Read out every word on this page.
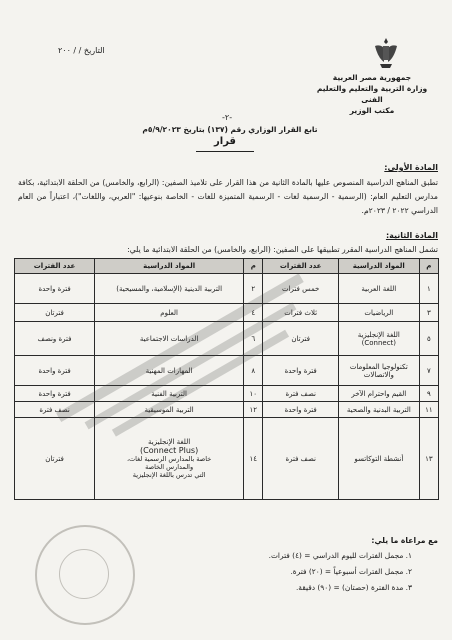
التاريخ / / ٢٠٠
جمهورية مصر العربية
وزارة التربية والتعليم والتعليم الفنى
مكتب الوزير
-٢-
تابع القرار الوزاري رقم (١٣٧) بتاريخ ٥/٩/٢٠٢٣م
قرار
المادة الأولى:
تطبق المناهج الدراسية المنصوص عليها بالمادة الثانية من هذا القرار على تلاميذ الصفين: (الرابع، والخامس) من الحلقة الابتدائية، بكافة مدارس التعليم العام: (الرسمية - الرسمية لغات - الرسمية المتميزة للغات - الخاصة بنوعيها: "العربي، واللغات")، اعتباراً من العام الدراسي ٢٠٢٢ / ٢٠٢٣م.
المادة الثانية:
تشمل المناهج الدراسية المقرر تطبيقها على الصفين: (الرابع، والخامس) من الحلقة الابتدائية ما يلي:
م	المواد الدراسية	عدد الفترات	م	المواد الدراسية	عدد الفترات
١	اللغة العربية	خمس فترات	٢	التربية الدينية (الإسلامية، والمسيحية)	فترة واحدة
٣	الرياضيات	ثلاث فترات	٤	العلوم	فترتان
٥	اللغة الإنجليزية (Connect)	فترتان	٦	الدراسات الاجتماعية	فترة ونصف
٧	تكنولوجيا المعلومات والاتصالات	فترة واحدة	٨	المهارات المهنية	فترة واحدة
٩	القيم واحترام الآخر	نصف فترة	١٠	التربية الفنية	فترة واحدة
١١	التربية البدنية والصحية	فترة واحدة	١٢	التربية الموسيقية	نصف فترة
١٣	أنشطة التوكاتسو	نصف فترة	١٤	اللغة الإنجليزية
(Connect Plus)
خاصة بالمدارس الرسمية لغات،
والمدارس الخاصة
التي تدرس باللغة الإنجليزية	فترتان
مع مراعاة ما يلي:
١. مجمل الفترات لليوم الدراسي = (٤) فترات.
٢. مجمل الفترات أسبوعياً = (٢٠) فترة.
٣. مدة الفترة (حصتان) = (٩٠) دقيقة.
